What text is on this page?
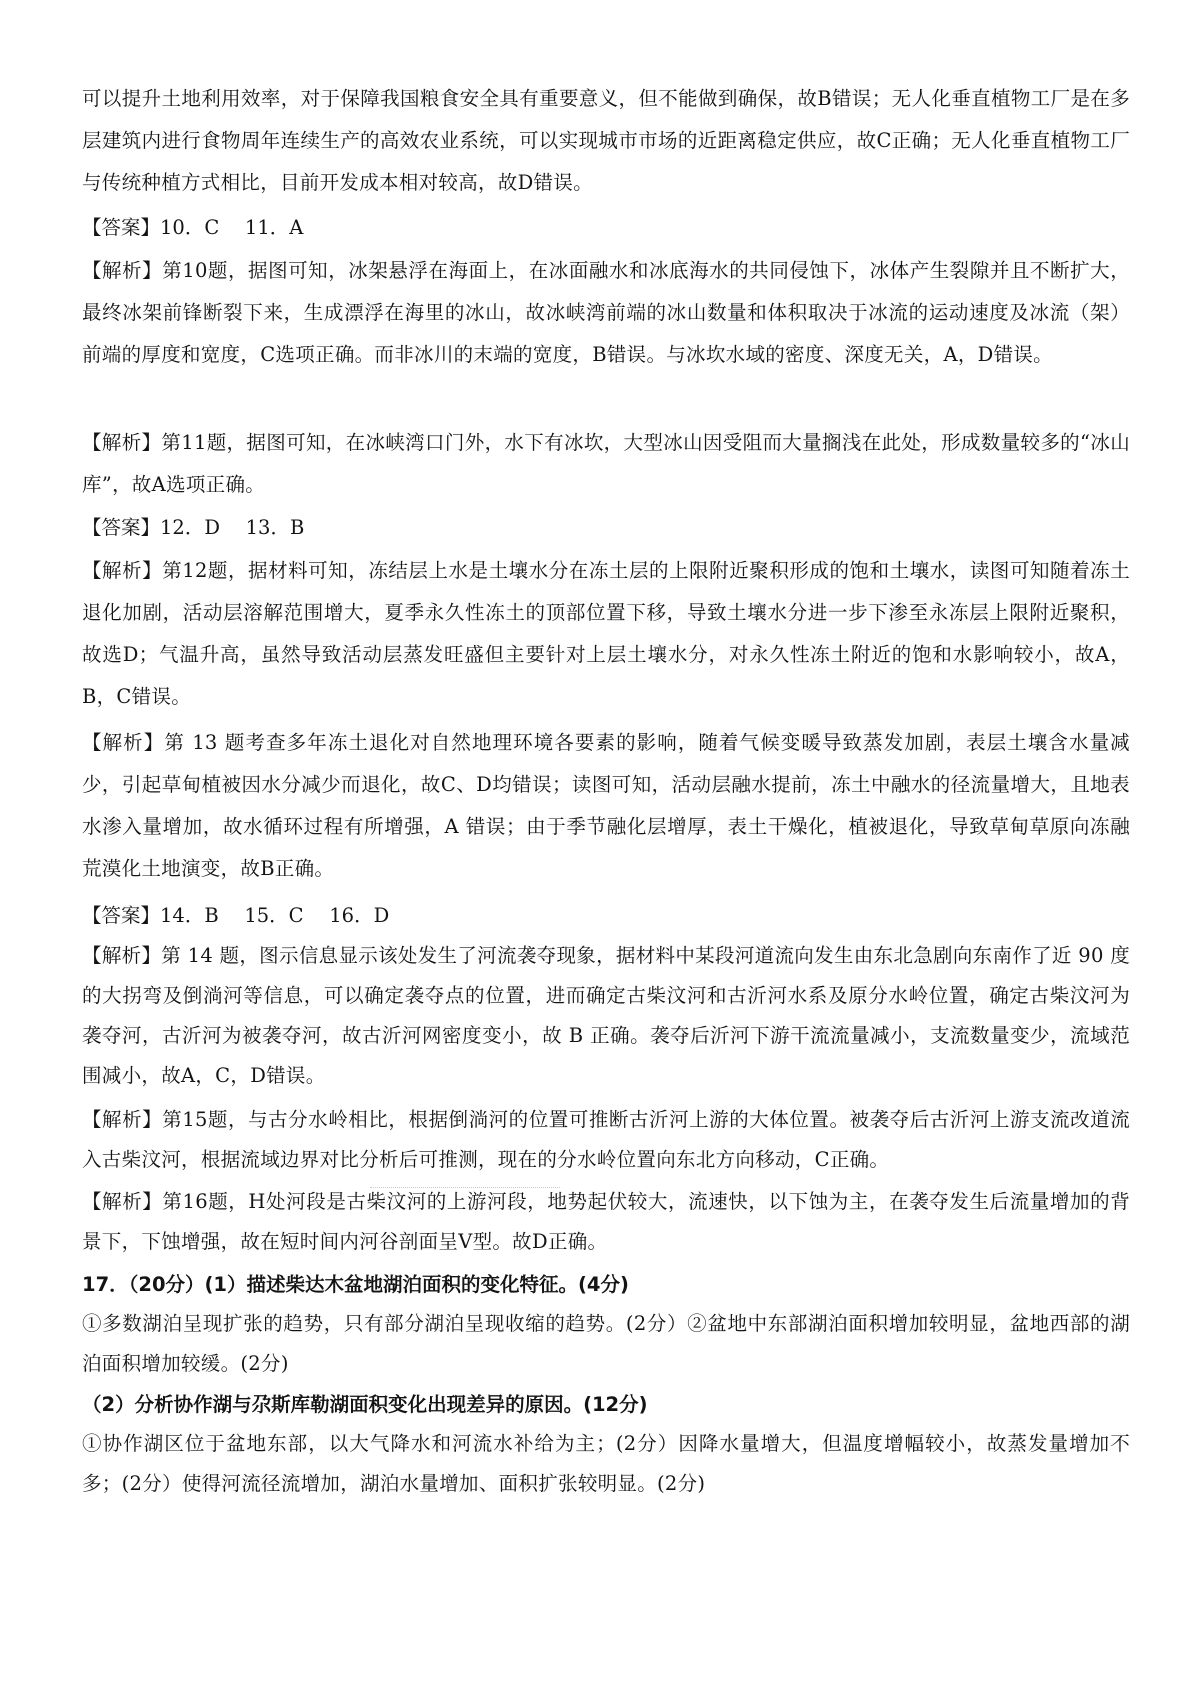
可以提升土地利用效率，对于保障我国粮食安全具有重要意义，但不能做到确保，故B错误；无人化垂直植物工厂是在多层建筑内进行食物周年连续生产的高效农业系统，可以实现城市市场的近距离稳定供应，故C正确；无人化垂直植物工厂与传统种植方式相比，目前开发成本相对较高，故D错误。

【答案】10．C　 11．A

【解析】第10题，据图可知，冰架悬浮在海面上，在冰面融水和冰底海水的共同侵蚀下，冰体产生裂隙并且不断扩大，最终冰架前锋断裂下来，生成漂浮在海里的冰山，故冰峡湾前端的冰山数量和体积取决于冰流的运动速度及冰流（架）前端的厚度和宽度，C选项正确。而非冰川的末端的宽度，B错误。与冰坎水域的密度、深度无关，A，D错误。

【解析】第11题，据图可知，在冰峡湾口门外，水下有冰坎，大型冰山因受阻而大量搁浅在此处，形成数量较多的“冰山库”，故A选项正确。

【答案】12．D　 13．B

【解析】第12题，据材料可知，冻结层上水是土壤水分在冻土层的上限附近聚积形成的饱和土壤水，读图可知随着冻土退化加剧，活动层溶解范围增大，夏季永久性冻土的顶部位置下移，导致土壤水分进一步下渗至永冻层上限附近聚积，故选D；气温升高，虽然导致活动层蒸发旺盛但主要针对上层土壤水分，对永久性冻土附近的饱和水影响较小，故A，B，C错误。

【解析】第 13 题考查多年冻土退化对自然地理环境各要素的影响，随着气候变暖导致蒸发加剧，表层土壤含水量减少，引起草甸植被因水分减少而退化，故C、D均错误；读图可知，活动层融水提前，冻土中融水的径流量增大，且地表水渗入量增加，故水循环过程有所增强，A 错误；由于季节融化层增厚，表土干燥化，植被退化，导致草甸草原向冻融荒漠化土地演变，故B正确。

【答案】14．B　 15．C　 16．D

【解析】第 14 题，图示信息显示该处发生了河流袭夺现象，据材料中某段河道流向发生由东北急剧向东南作了近 90 度的大拐弯及倒淌河等信息，可以确定袭夺点的位置，进而确定古柴汶河和古沂河水系及原分水岭位置，确定古柴汶河为袭夺河，古沂河为被袭夺河，故古沂河网密度变小，故 B 正确。袭夺后沂河下游干流流量减小，支流数量变少，流域范围减小，故A，C，D错误。

【解析】第15题，与古分水岭相比，根据倒淌河的位置可推断古沂河上游的大体位置。被袭夺后古沂河上游支流改道流入古柴汶河，根据流域边界对比分析后可推测，现在的分水岭位置向东北方向移动，C正确。

【解析】第16题，H处河段是古柴汶河的上游河段，地势起伏较大，流速快，以下蚀为主，在袭夺发生后流量增加的背景下，下蚀增强，故在短时间内河谷剖面呈V型。故D正确。

17．（20分）(1）描述柴达木盆地湖泊面积的变化特征。(4分)

①多数湖泊呈现扩张的趋势，只有部分湖泊呈现收缩的趋势。(2分）②盆地中东部湖泊面积增加较明显，盆地西部的湖泊面积增加较缓。(2分)

（2）分析协作湖与尕斯库勒湖面积变化出现差异的原因。(12分)

①协作湖区位于盆地东部，以大气降水和河流水补给为主；(2分）因降水量增大，但温度增幅较小，故蒸发量增加不多；(2分）使得河流径流增加，湖泊水量增加、面积扩张较明显。(2分)
